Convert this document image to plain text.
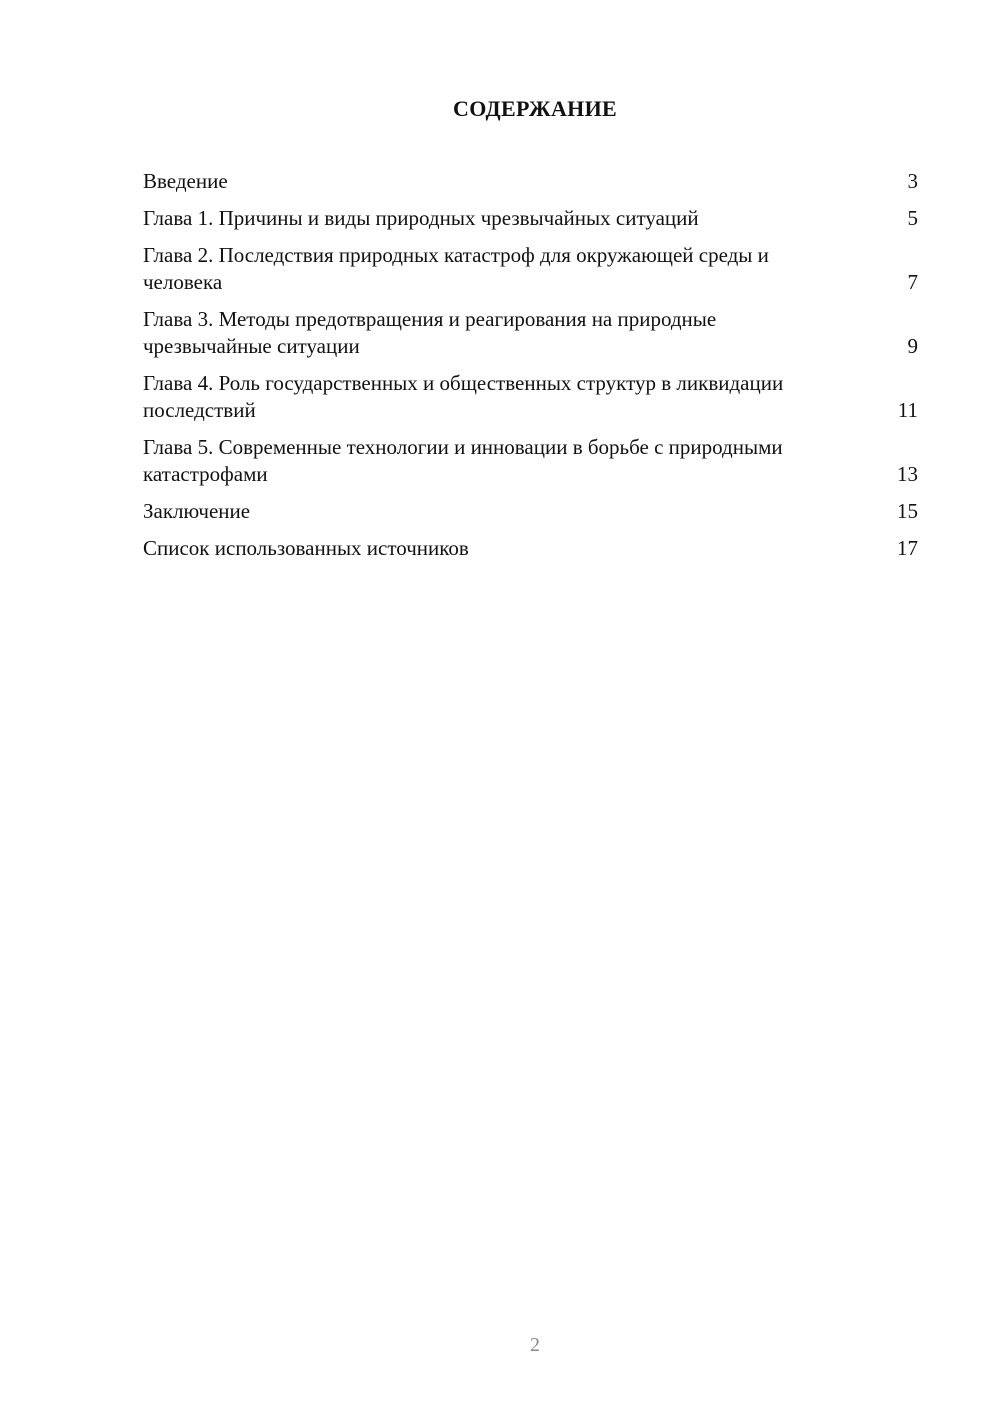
СОДЕРЖАНИЕ
Введение	3
Глава 1. Причины и виды природных чрезвычайных ситуаций	5
Глава 2. Последствия природных катастроф для окружающей среды и человека	7
Глава 3. Методы предотвращения и реагирования на природные чрезвычайные ситуации	9
Глава 4. Роль государственных и общественных структур в ликвидации последствий	11
Глава 5. Современные технологии и инновации в борьбе с природными катастрофами	13
Заключение	15
Список использованных источников	17
2
